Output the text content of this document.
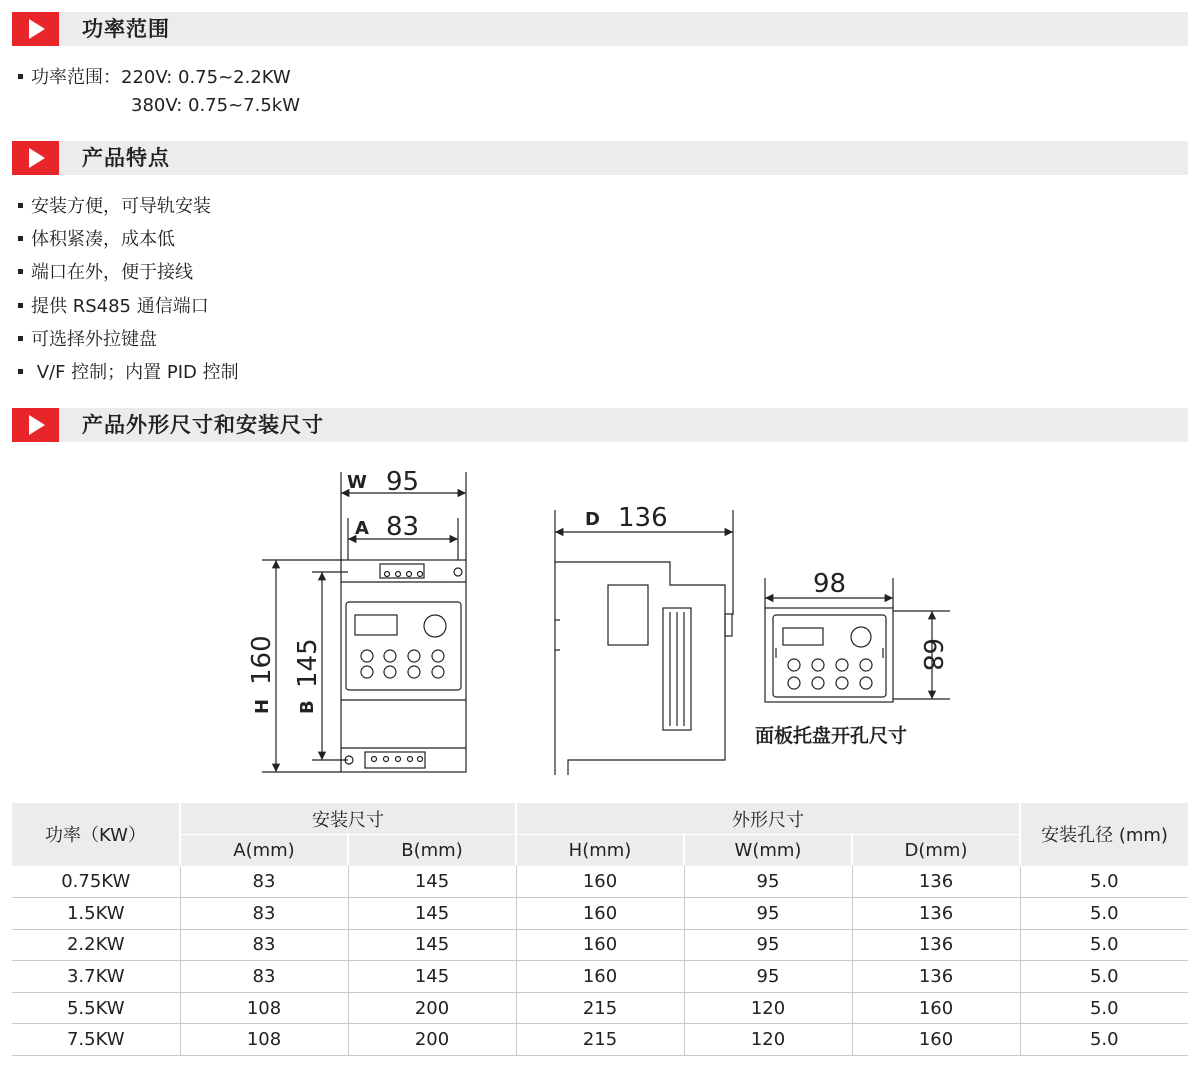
功率范围
功率范围：220V: 0.75~2.2KW
380V: 0.75~7.5kW
产品特点
安装方便，可导轨安装
体积紧凑，成本低
端口在外，便于接线
提供 RS485 通信端口
可选择外拉键盘
V/F 控制；内置 PID 控制
产品外形尺寸和安装尺寸
W 95
A 83
H
160
B
145
D 136
98
68
面板托盘开孔尺寸
功率（KW）	安装尺寸		外形尺寸			安装孔径 (mm)
	A(mm)	B(mm)	H(mm)	W(mm)	D(mm)	
0.75KW	83	145	160	95	136	5.0
1.5KW	83	145	160	95	136	5.0
2.2KW	83	145	160	95	136	5.0
3.7KW	83	145	160	95	136	5.0
5.5KW	108	200	215	120	160	5.0
7.5KW	108	200	215	120	160	5.0
